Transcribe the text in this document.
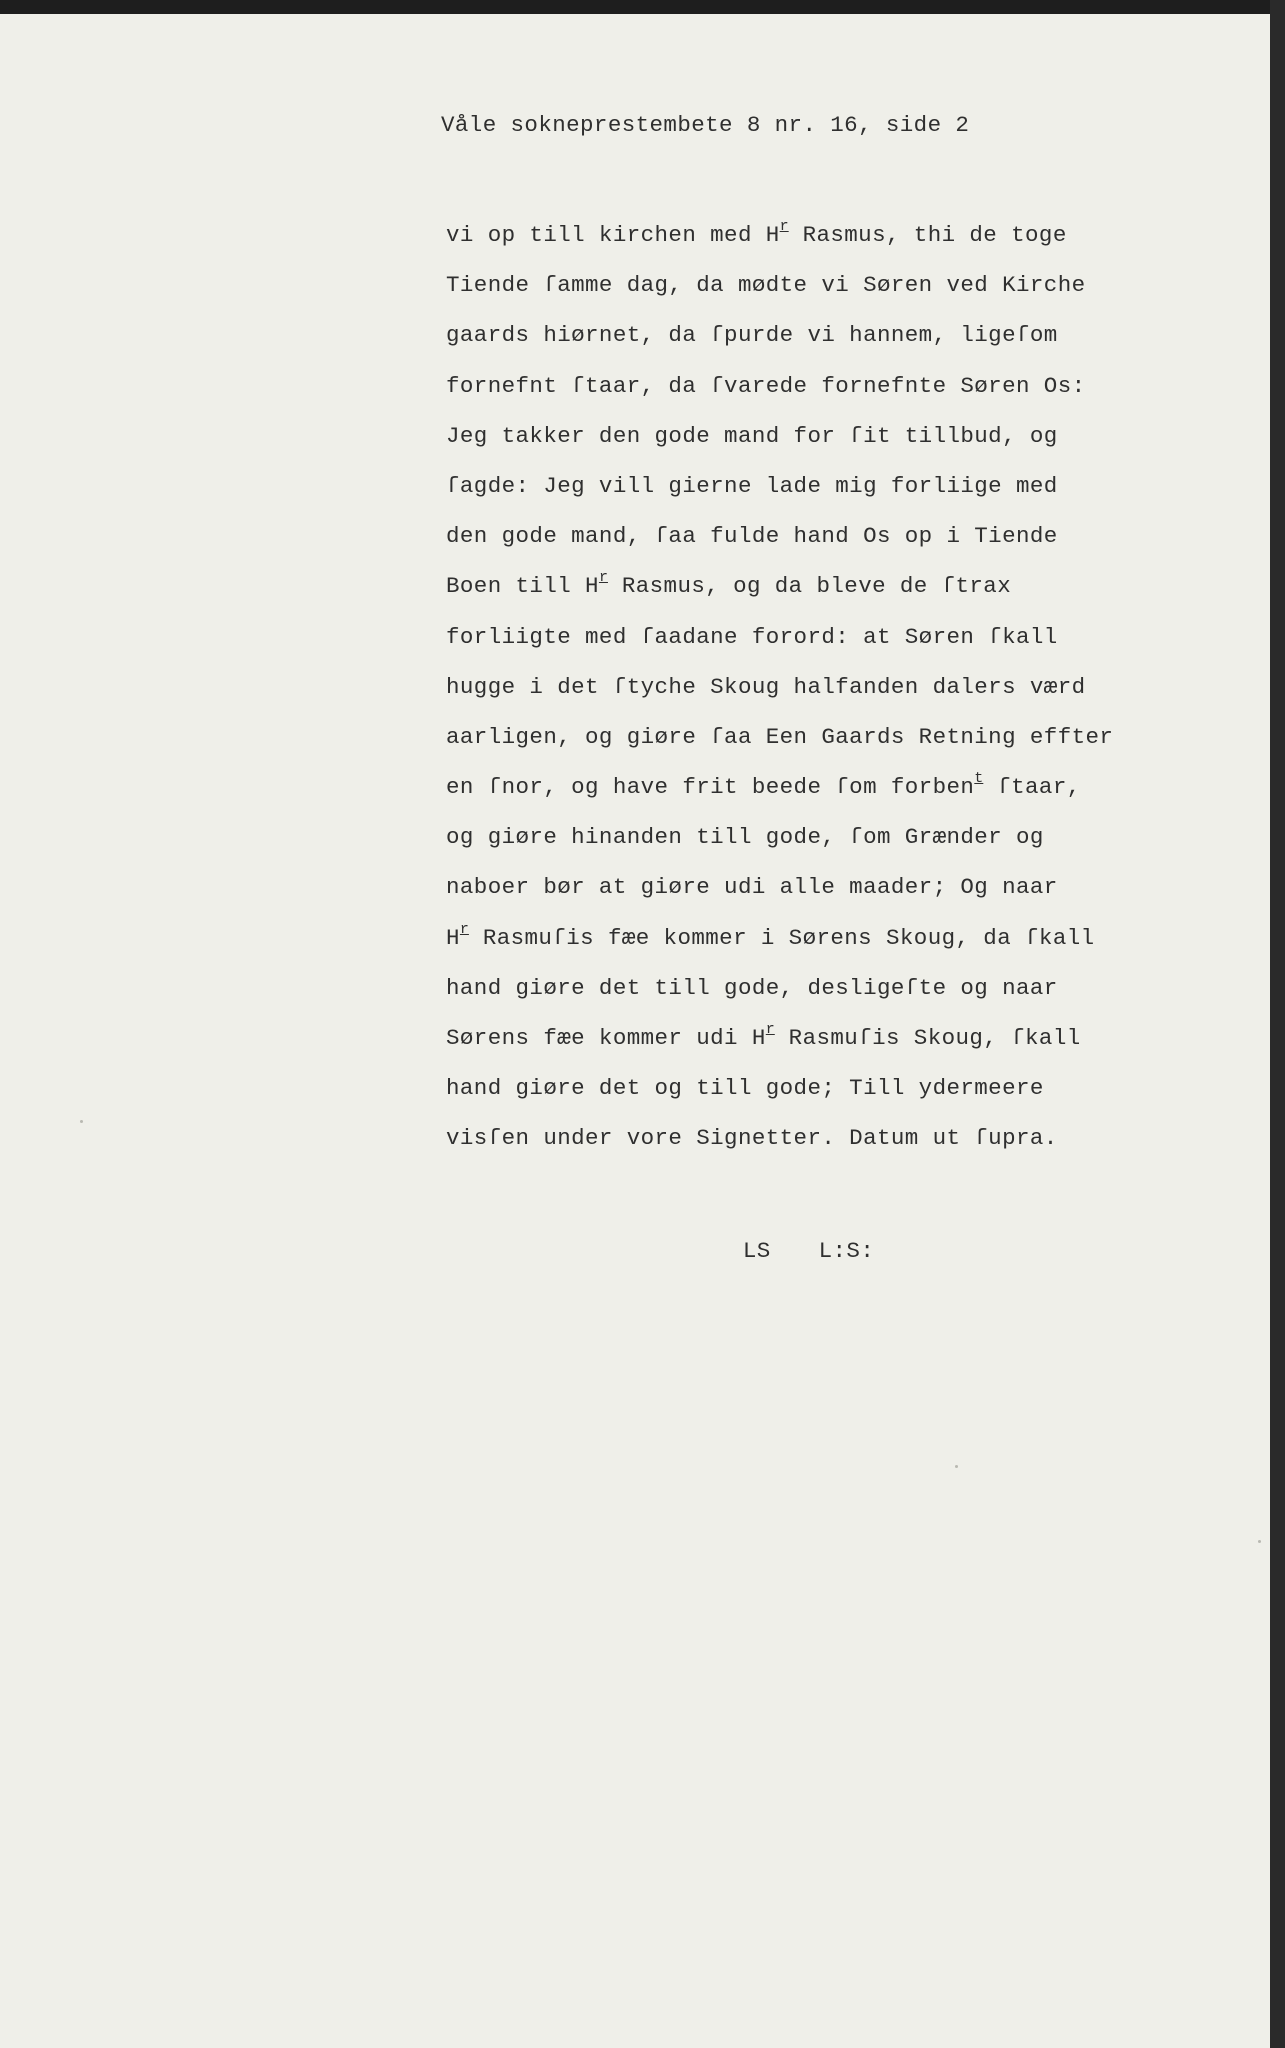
Våle sokneprestembete 8 nr. 16, side 2
vi op till kirchen med $H^r$ Rasmus, thi de toge
Tiende ſamme dag, da mødte vi Søren ved Kirche
gaards hiørnet, da ſpurde vi hannem, ligeſom
fornefnt ſtaar, da ſvarede fornefnte Søren Os:
Jeg takker den gode mand for ſit tillbud, og
ſagde: Jeg vill gierne lade mig forliige med
den gode mand, ſaa fulde hand Os op i Tiende
Boen till $H^r$ Rasmus, og da bleve de ſtrax
forliigte med ſaadane forord: at Søren ſkall
hugge i det ſtyche Skoug halfanden dalers værd
aarligen, og giøre ſaa Een Gaards Retning effter
en ſnor, og have frit beede ſom forben$^t$ ſtaar,
og giøre hinanden till gode, ſom Grænder og
naboer bør at giøre udi alle maader; Og naar
$H^r$ Rasmuſis fæe kommer i Sørens Skoug, da ſkall
hand giøre det till gode, desligeſte og naar
Sørens fæe kommer udi $H^r$ Rasmuſis Skoug, ſkall
hand giøre det og till gode; Till ydermeere
visſen under vore Signetter. Datum ut ſupra.

LS L:S:
